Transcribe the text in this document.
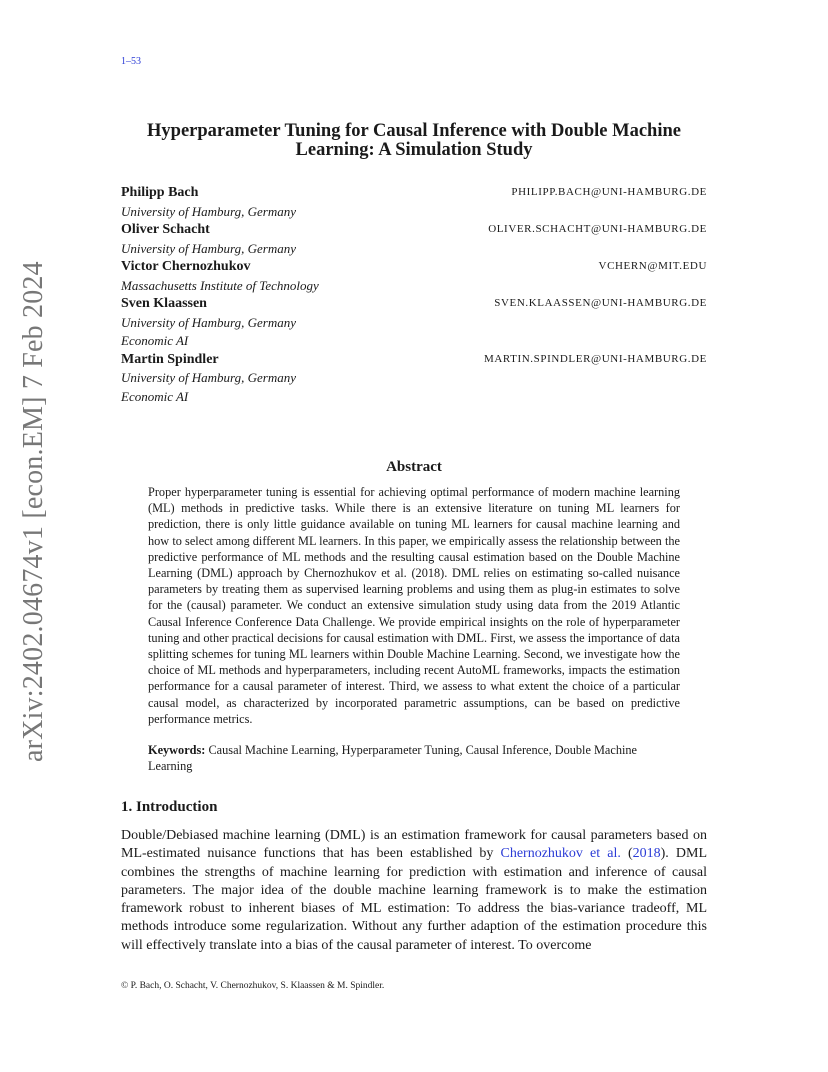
1–53
arXiv:2402.04674v1 [econ.EM] 7 Feb 2024
Hyperparameter Tuning for Causal Inference with Double Machine Learning: A Simulation Study
Philipp Bach	PHILIPP.BACH@UNI-HAMBURG.DE
University of Hamburg, Germany
Oliver Schacht	OLIVER.SCHACHT@UNI-HAMBURG.DE
University of Hamburg, Germany
Victor Chernozhukov	VCHERN@MIT.EDU
Massachusetts Institute of Technology
Sven Klaassen	SVEN.KLAASSEN@UNI-HAMBURG.DE
University of Hamburg, Germany
Economic AI
Martin Spindler	MARTIN.SPINDLER@UNI-HAMBURG.DE
University of Hamburg, Germany
Economic AI
Abstract
Proper hyperparameter tuning is essential for achieving optimal performance of modern machine learning (ML) methods in predictive tasks. While there is an extensive literature on tuning ML learners for prediction, there is only little guidance available on tuning ML learners for causal machine learning and how to select among different ML learners. In this paper, we empirically assess the relationship between the predictive performance of ML methods and the resulting causal estimation based on the Double Machine Learning (DML) approach by Chernozhukov et al. (2018). DML relies on estimating so-called nuisance parameters by treating them as supervised learning problems and using them as plug-in estimates to solve for the (causal) parameter. We conduct an extensive simulation study using data from the 2019 Atlantic Causal Inference Conference Data Challenge. We provide empirical insights on the role of hyperparameter tuning and other practical decisions for causal estimation with DML. First, we assess the importance of data splitting schemes for tuning ML learners within Double Machine Learning. Second, we investigate how the choice of ML methods and hyperparameters, including recent AutoML frameworks, impacts the estimation performance for a causal parameter of interest. Third, we assess to what extent the choice of a particular causal model, as characterized by incorporated parametric assumptions, can be based on predictive performance metrics.
Keywords: Causal Machine Learning, Hyperparameter Tuning, Causal Inference, Double Machine Learning
1. Introduction
Double/Debiased machine learning (DML) is an estimation framework for causal parameters based on ML-estimated nuisance functions that has been established by Chernozhukov et al. (2018). DML combines the strengths of machine learning for prediction with estimation and inference of causal parameters. The major idea of the double machine learning framework is to make the estimation framework robust to inherent biases of ML estimation: To address the bias-variance tradeoff, ML methods introduce some regularization. Without any further adaption of the estimation procedure this will effectively translate into a bias of the causal parameter of interest. To overcome
© P. Bach, O. Schacht, V. Chernozhukov, S. Klaassen & M. Spindler.
